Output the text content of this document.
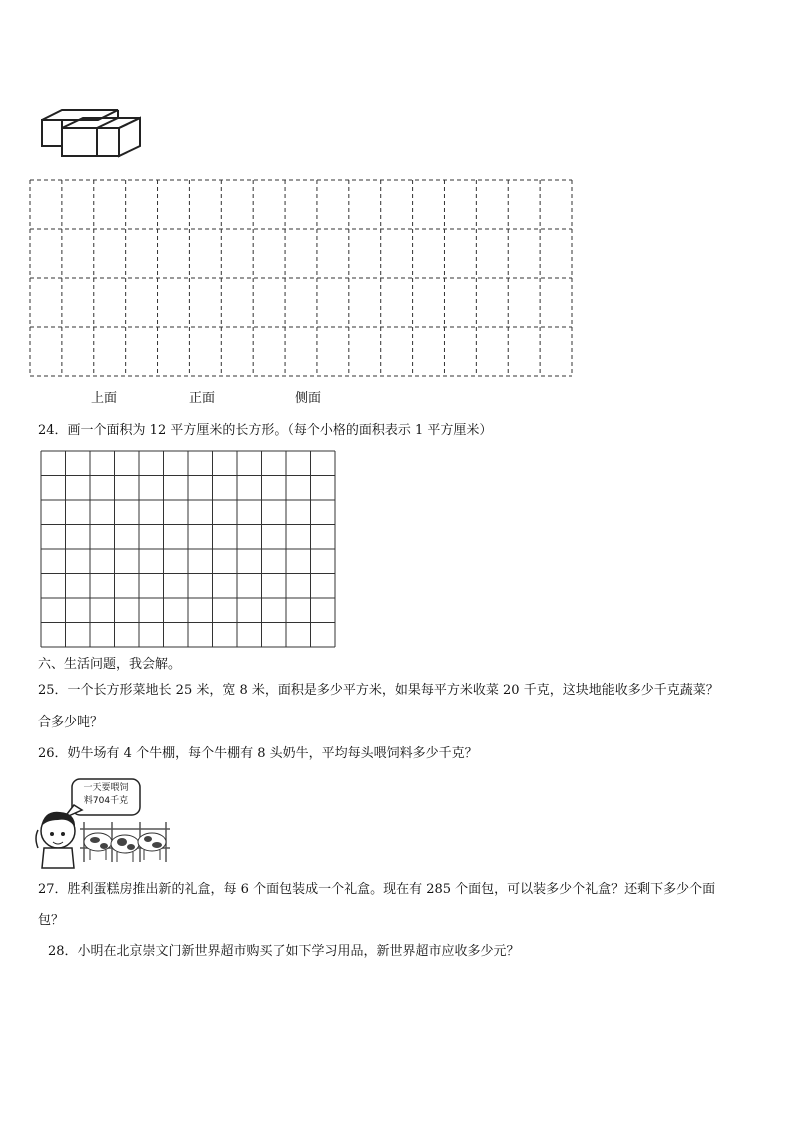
上面	正面	侧面
24．画一个面积为 12 平方厘米的长方形。（每个小格的面积表示 1 平方厘米）
六、生活问题，我会解。
25．一个长方形菜地长 25 米，宽 8 米，面积是多少平方米，如果每平方米收菜 20 千克，这块地能收多少千克蔬菜？
合多少吨？
26．奶牛场有 4 个牛棚，每个牛棚有 8 头奶牛，平均每头喂饲料多少千克？
一天要喂饲
料704千克
27．胜利蛋糕房推出新的礼盒，每 6 个面包装成一个礼盒。现在有 285 个面包，可以装多少个礼盒？还剩下多少个面
包？
28．小明在北京崇文门新世界超市购买了如下学习用品，新世界超市应收多少元？
